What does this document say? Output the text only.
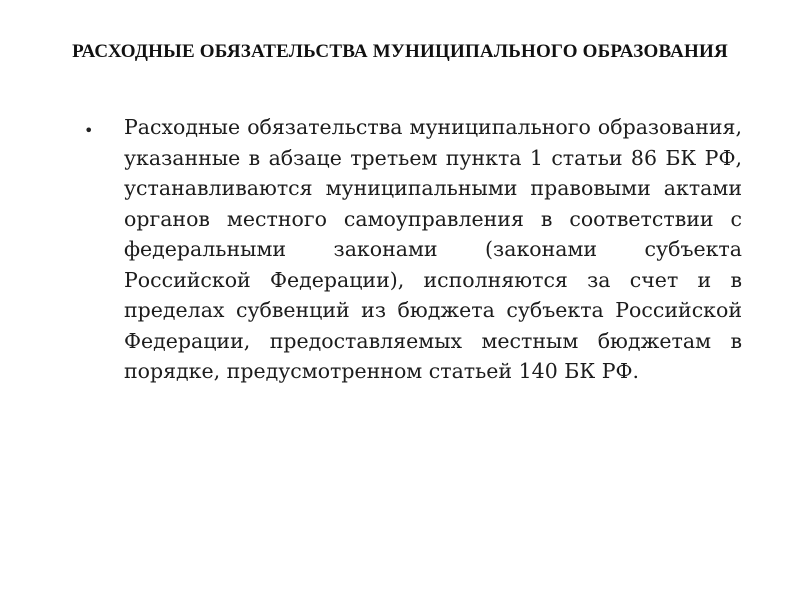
РАСХОДНЫЕ ОБЯЗАТЕЛЬСТВА МУНИЦИПАЛЬНОГО ОБРАЗОВАНИЯ
• Расходные обязательства муниципального образования, указанные в абзаце третьем пункта 1 статьи 86 БК РФ, устанавливаются муниципальными правовыми актами органов местного самоуправления в соответствии с федеральными законами (законами субъекта Российской Федерации), исполняются за счет и в пределах субвенций из бюджета субъекта Российской Федерации, предоставляемых местным бюджетам в порядке, предусмотренном статьей 140 БК РФ.
